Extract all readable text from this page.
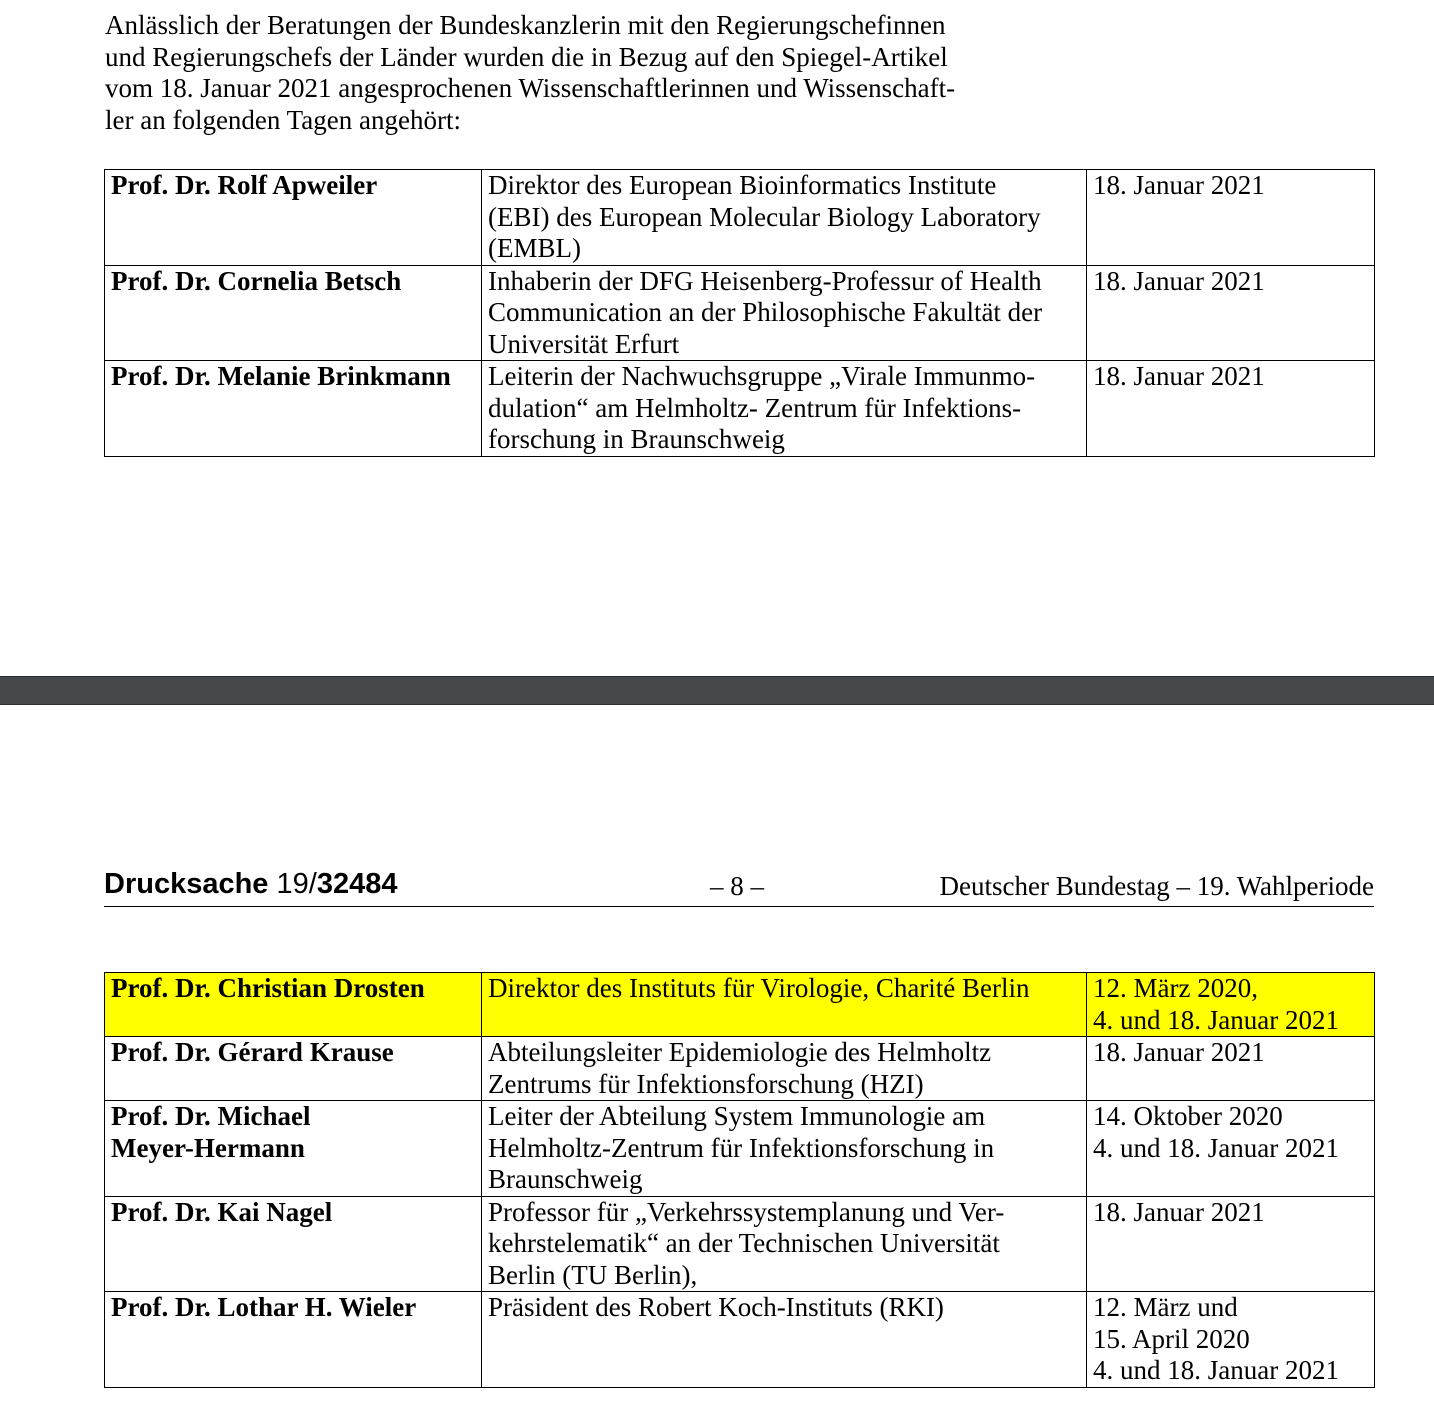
Anlässlich der Beratungen der Bundeskanzlerin mit den Regierungschefinnen
und Regierungschefs der Länder wurden die in Bezug auf den Spiegel-Artikel
vom 18. Januar 2021 angesprochenen Wissenschaftlerinnen und Wissenschaft-
ler an folgenden Tagen angehört:
Prof. Dr. Rolf Apweiler	Direktor des European Bioinformatics Institute
(EBI) des European Molecular Biology Laboratory
(EMBL)	18. Januar 2021

Prof. Dr. Cornelia Betsch	Inhaberin der DFG Heisenberg-Professur of Health
Communication an der Philosophische Fakultät der
Universität Erfurt	18. Januar 2021

Prof. Dr. Melanie Brinkmann	Leiterin der Nachwuchsgruppe „Virale Immunmo-
dulation“ am Helmholtz- Zentrum für Infektions-
forschung in Braunschweig	18. Januar 2021
Drucksache 19/32484	– 8 –	Deutscher Bundestag – 19. Wahlperiode
Prof. Dr. Christian Drosten	Direktor des Instituts für Virologie, Charité Berlin	12. März 2020,
4. und 18. Januar 2021

Prof. Dr. Gérard Krause	Abteilungsleiter Epidemiologie des Helmholtz
Zentrums für Infektionsforschung (HZI)	18. Januar 2021

Prof. Dr. Michael
Meyer-Hermann	Leiter der Abteilung System Immunologie am
Helmholtz-Zentrum für Infektionsforschung in
Braunschweig	14. Oktober 2020
4. und 18. Januar 2021

Prof. Dr. Kai Nagel	Professor für „Verkehrssystemplanung und Ver-
kehrstelematik“ an der Technischen Universität
Berlin (TU Berlin),	18. Januar 2021

Prof. Dr. Lothar H. Wieler	Präsident des Robert Koch-Instituts (RKI)	12. März und
15. April 2020
4. und 18. Januar 2021
